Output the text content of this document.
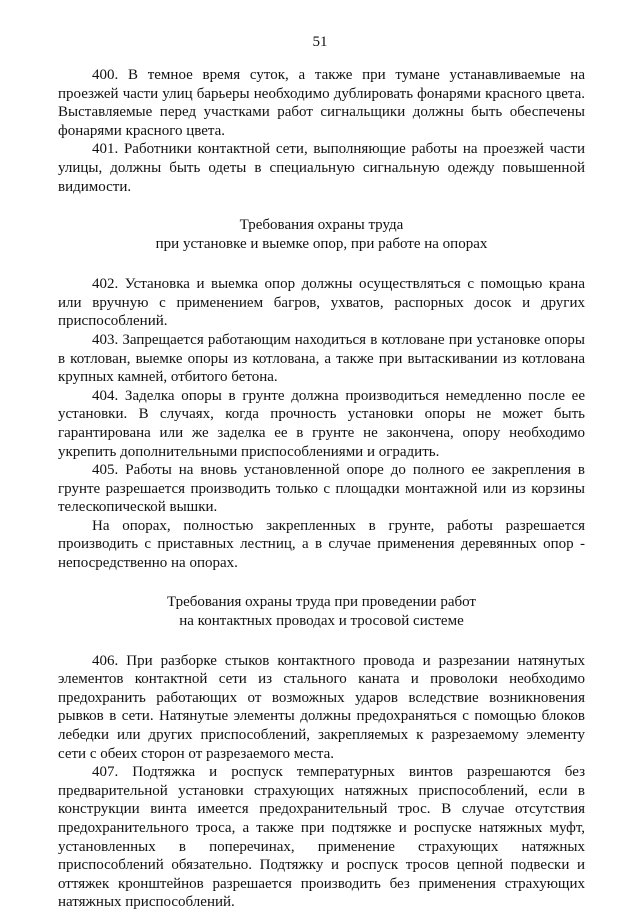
51

400. В темное время суток, а также при тумане устанавливаемые на проезжей части улиц барьеры необходимо дублировать фонарями красного цвета. Выставляемые перед участками работ сигнальщики должны быть обеспечены фонарями красного цвета.

401. Работники контактной сети, выполняющие работы на проезжей части улицы, должны быть одеты в специальную сигнальную одежду повышенной видимости.

Требования охраны труда
при установке и выемке опор, при работе на опорах

402. Установка и выемка опор должны осуществляться с помощью крана или вручную с применением багров, ухватов, распорных досок и других приспособлений.

403. Запрещается работающим находиться в котловане при установке опоры в котлован, выемке опоры из котлована, а также при вытаскивании из котлована крупных камней, отбитого бетона.

404. Заделка опоры в грунте должна производиться немедленно после ее установки. В случаях, когда прочность установки опоры не может быть гарантирована или же заделка ее в грунте не закончена, опору необходимо укрепить дополнительными приспособлениями и оградить.

405. Работы на вновь установленной опоре до полного ее закрепления в грунте разрешается производить только с площадки монтажной или из корзины телескопической вышки.

На опорах, полностью закрепленных в грунте, работы разрешается производить с приставных лестниц, а в случае применения деревянных опор - непосредственно на опорах.

Требования охраны труда при проведении работ
на контактных проводах и тросовой системе

406. При разборке стыков контактного провода и разрезании натянутых элементов контактной сети из стального каната и проволоки необходимо предохранить работающих от возможных ударов вследствие возникновения рывков в сети. Натянутые элементы должны предохраняться с помощью блоков лебедки или других приспособлений, закрепляемых к разрезаемому элементу сети с обеих сторон от разрезаемого места.

407. Подтяжка и роспуск температурных винтов разрешаются без предварительной установки страхующих натяжных приспособлений, если в конструкции винта имеется предохранительный трос. В случае отсутствия предохранительного троса, а также при подтяжке и роспуске натяжных муфт, установленных в поперечинах, применение страхующих натяжных приспособлений обязательно. Подтяжку и роспуск тросов цепной подвески и оттяжек кронштейнов разрешается производить без применения страхующих натяжных приспособлений.
